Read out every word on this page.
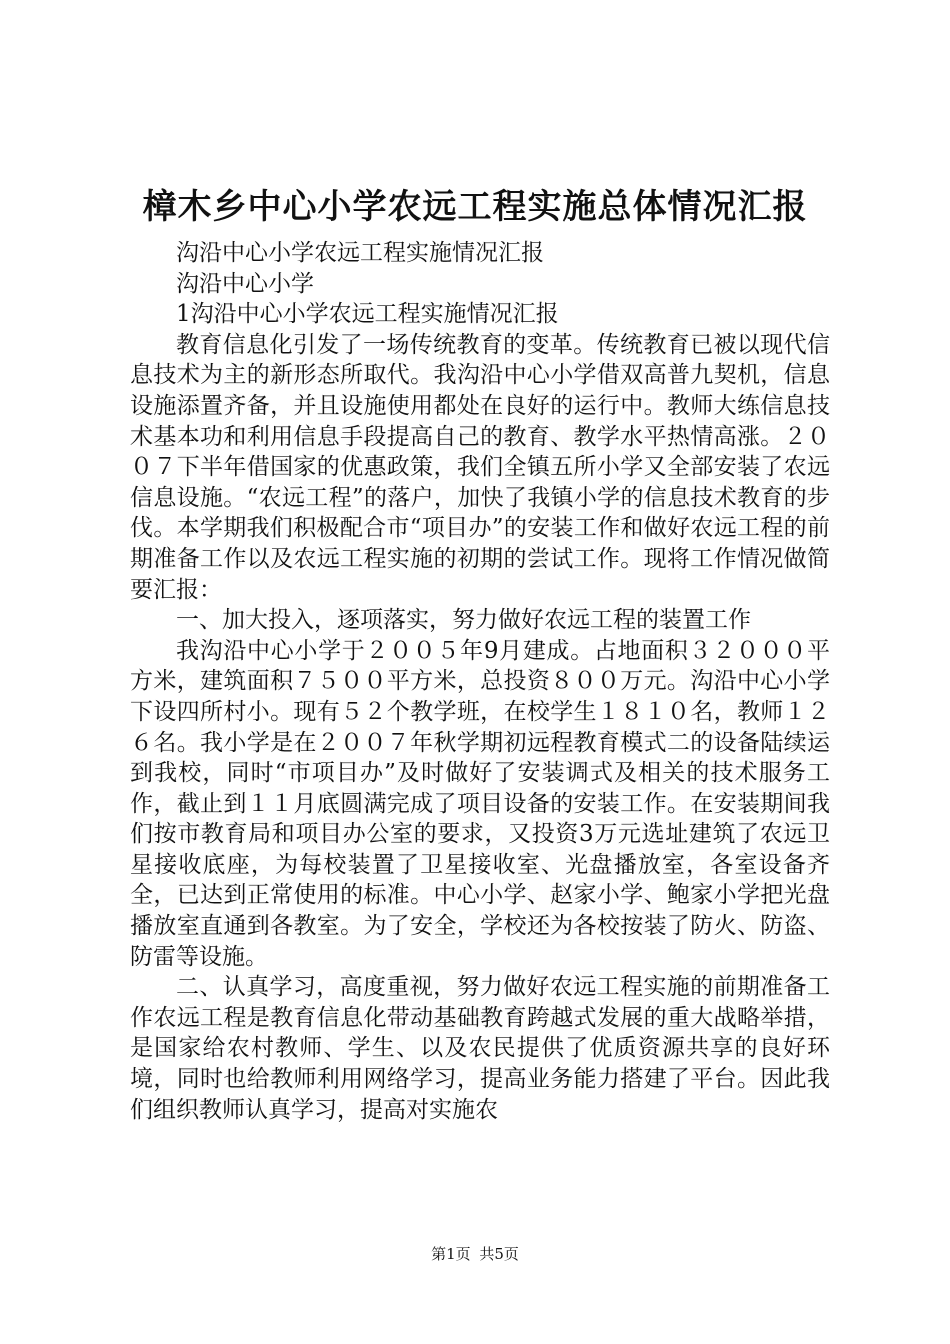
樟木乡中心小学农远工程实施总体情况汇报

沟沿中心小学农远工程实施情况汇报

沟沿中心小学

1沟沿中心小学农远工程实施情况汇报

教育信息化引发了一场传统教育的变革。传统教育已被以现代信息技术为主的新形态所取代。我沟沿中心小学借双高普九契机，信息设施添置齐备，并且设施使用都处在良好的运行中。教师大练信息技术基本功和利用信息手段提高自己的教育、教学水平热情高涨。２００７下半年借国家的优惠政策，我们全镇五所小学又全部安装了农远信息设施。“农远工程”的落户，加快了我镇小学的信息技术教育的步伐。本学期我们积极配合市“项目办”的安装工作和做好农远工程的前期准备工作以及农远工程实施的初期的尝试工作。现将工作情况做简要汇报：

一、加大投入，逐项落实，努力做好农远工程的装置工作

我沟沿中心小学于２００５年9月建成。占地面积３２０００平方米，建筑面积７５００平方米，总投资８００万元。沟沿中心小学下设四所村小。现有５２个教学班，在校学生１８１０名，教师１２６名。我小学是在２００７年秋学期初远程教育模式二的设备陆续运到我校，同时“市项目办”及时做好了安装调式及相关的技术服务工作，截止到１１月底圆满完成了项目设备的安装工作。在安装期间我们按市教育局和项目办公室的要求，又投资3万元选址建筑了农远卫星接收底座，为每校装置了卫星接收室、光盘播放室，各室设备齐全，已达到正常使用的标准。中心小学、赵家小学、鲍家小学把光盘播放室直通到各教室。为了安全，学校还为各校按装了防火、防盗、防雷等设施。

二、认真学习，高度重视，努力做好农远工程实施的前期准备工作农远工程是教育信息化带动基础教育跨越式发展的重大战略举措，是国家给农村教师、学生、以及农民提供了优质资源共享的良好环境，同时也给教师利用网络学习，提高业务能力搭建了平台。因此我们组织教师认真学习，提高对实施农

第1页 共5页
